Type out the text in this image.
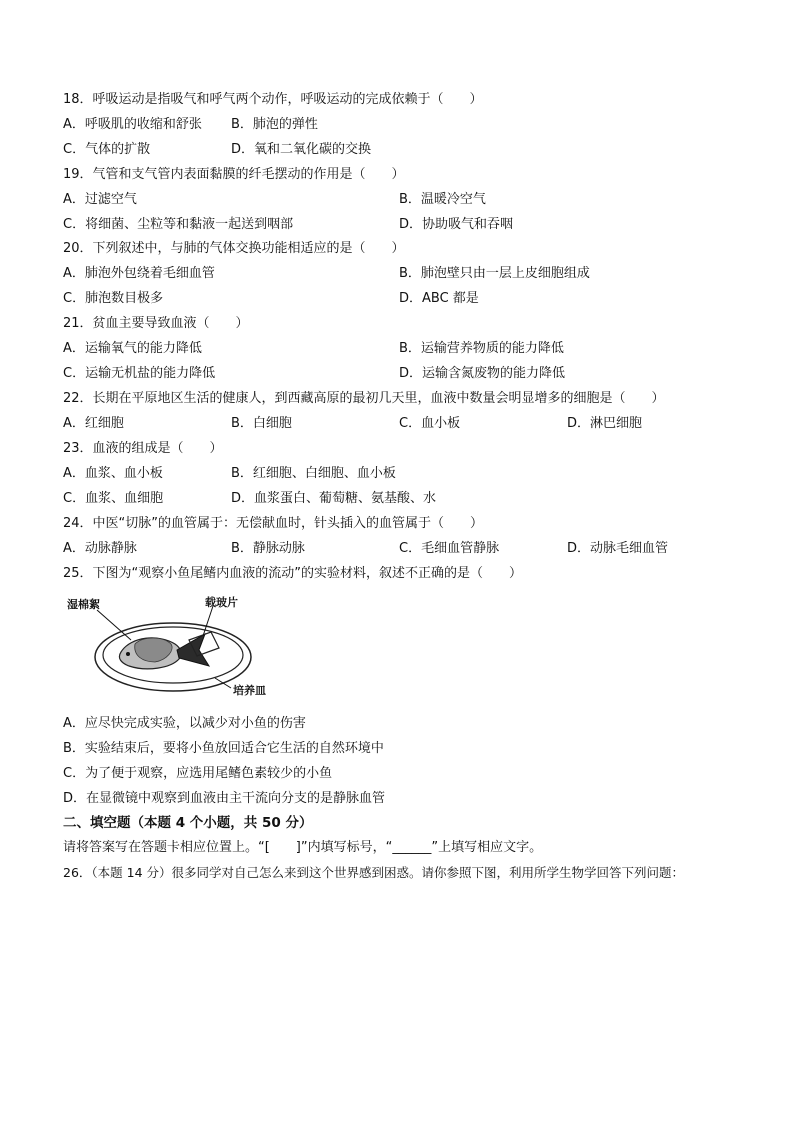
18．呼吸运动是指吸气和呼气两个动作，呼吸运动的完成依赖于（　　）
A．呼吸肌的收缩和舒张 B．肺泡的弹性
C．气体的扩散	D．氧和二氧化碳的交换
19．气管和支气管内表面黏膜的纤毛摆动的作用是（　　）
A．过滤空气	B．温暖冷空气
C．将细菌、尘粒等和黏液一起送到咽部	D．协助吸气和吞咽
20．下列叙述中，与肺的气体交换功能相适应的是（　　）
A．肺泡外包绕着毛细血管	B．肺泡壁只由一层上皮细胞组成
C．肺泡数目极多	D．ABC 都是
21．贫血主要导致血液（　　）
A．运输氧气的能力降低	B．运输营养物质的能力降低
C．运输无机盐的能力降低	D．运输含氮废物的能力降低
22．长期在平原地区生活的健康人，到西藏高原的最初几天里，血液中数量会明显增多的细胞是（　　）
A．红细胞	B．白细胞	C．血小板	D．淋巴细胞
23．血液的组成是（　　）
A．血浆、血小板	B．红细胞、白细胞、血小板
C．血浆、血细胞	D．血浆蛋白、葡萄糖、氨基酸、水
24．中医“切脉”的血管属于：无偿献血时，针头插入的血管属于（　　）
A．动脉静脉	B．静脉动脉	C．毛细血管静脉	D．动脉毛细血管
25．下图为“观察小鱼尾鳍内血液的流动”的实验材料，叙述不正确的是（　　）
湿棉絮	载玻片
培养皿
A．应尽快完成实验，以减少对小鱼的伤害
B．实验结束后，要将小鱼放回适合它生活的自然环境中
C．为了便于观察，应选用尾鳍色素较少的小鱼
D．在显微镜中观察到血液由主干流向分支的是静脉血管
二、填空题（本题 4 个小题，共 50 分）
请将答案写在答题卡相应位置上。“[　　]”内填写标号，“______”上填写相应文字。
26．（本题 14 分）很多同学对自己怎么来到这个世界感到困惑。请你参照下图，利用所学生物学回答下列问题：
